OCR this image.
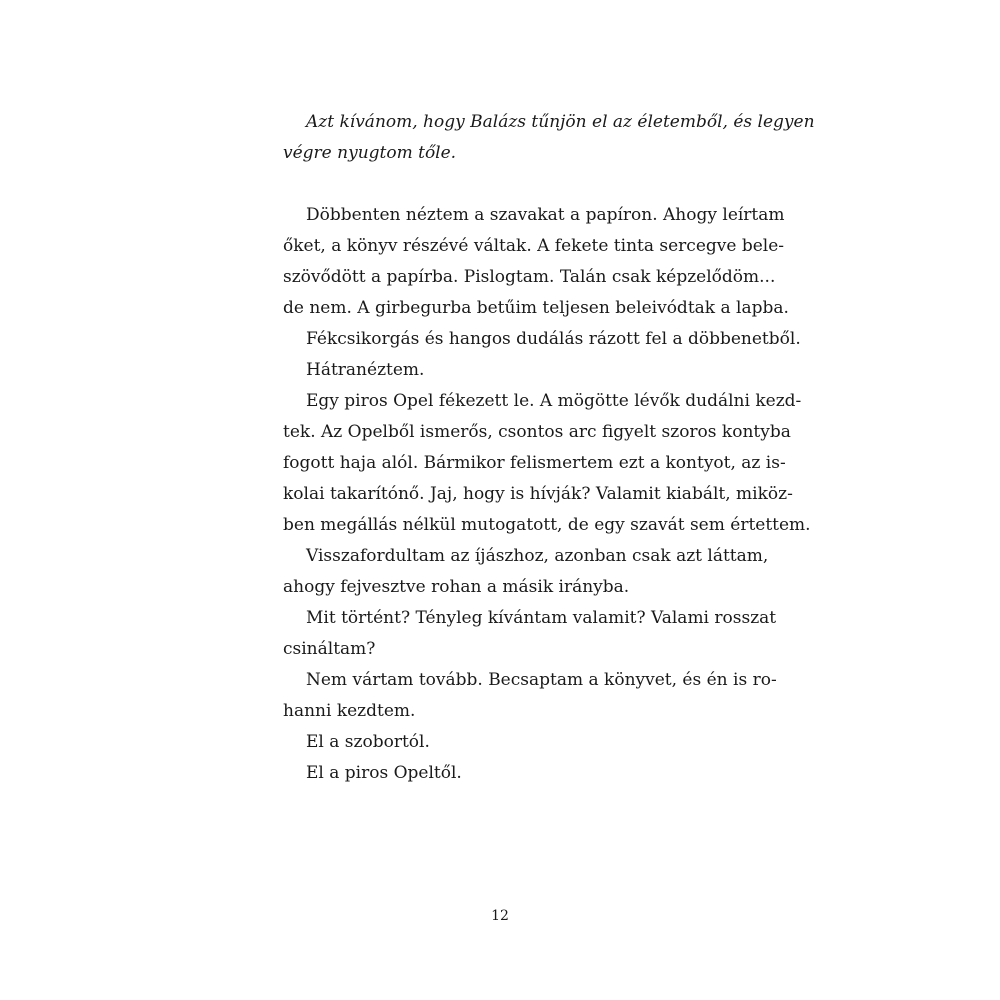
Azt kívánom, hogy Balázs tűnjön el az életemből, és legyen
végre nyugtom tőle.
Döbbenten néztem a szavakat a papíron. Ahogy leírtam
őket, a könyv részévé váltak. A fekete tinta sercegve bele-
szövődött a papírba. Pislogtam. Talán csak képzelődöm...
de nem. A girbegurba betűim teljesen beleivódtak a lapba.
Fékcsikorgás és hangos dudálás rázott fel a döbbenetből.
Hátranéztem.
Egy piros Opel fékezett le. A mögötte lévők dudálni kezd-
tek. Az Opelből ismerős, csontos arc figyelt szoros kontyba
fogott haja alól. Bármikor felismertem ezt a kontyot, az is-
kolai takarítónő. Jaj, hogy is hívják? Valamit kiabált, miköz-
ben megállás nélkül mutogatott, de egy szavát sem értettem.
Visszafordultam az íjászhoz, azonban csak azt láttam,
ahogy fejvesztve rohan a másik irányba.
Mit történt? Tényleg kívántam valamit? Valami rosszat
csináltam?
Nem vártam tovább. Becsaptam a könyvet, és én is ro-
hanni kezdtem.
El a szobortól.
El a piros Opeltől.
12
